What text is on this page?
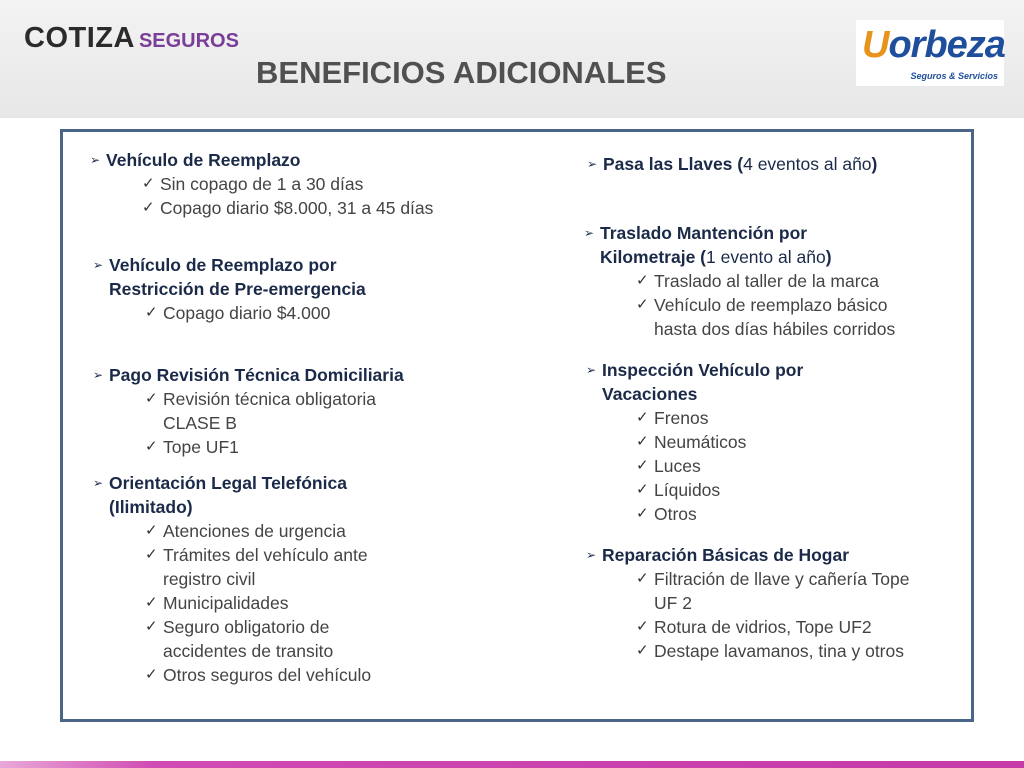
COTIZA SEGUROS
BENEFICIOS ADICIONALES
Uorbeza
Seguros & Servicios
➢ Vehículo de Reemplazo
✓ Sin copago de 1 a 30 días
✓ Copago diario $8.000, 31 a 45 días
➢ Vehículo de Reemplazo por
Restricción de Pre-emergencia
✓ Copago diario $4.000
➢ Pago Revisión Técnica Domiciliaria
✓ Revisión técnica obligatoria
CLASE B
✓ Tope UF1
➢ Orientación Legal Telefónica
(Ilimitado)
✓ Atenciones de urgencia
✓ Trámites del vehículo ante
registro civil
✓ Municipalidades
✓ Seguro obligatorio de
accidentes de transito
✓ Otros seguros del vehículo
➢ Pasa las Llaves ( 4 eventos al año )
➢ Traslado Mantención por
Kilometraje ( 1 evento al año )
✓ Traslado al taller de la marca
✓ Vehículo de reemplazo básico
hasta dos días hábiles corridos
➢ Inspección Vehículo por
Vacaciones
✓ Frenos
✓ Neumáticos
✓ Luces
✓ Líquidos
✓ Otros
➢ Reparación Básicas de Hogar
✓ Filtración de llave y cañería Tope
UF 2
✓ Rotura de vidrios, Tope UF2
✓ Destape lavamanos, tina y otros
